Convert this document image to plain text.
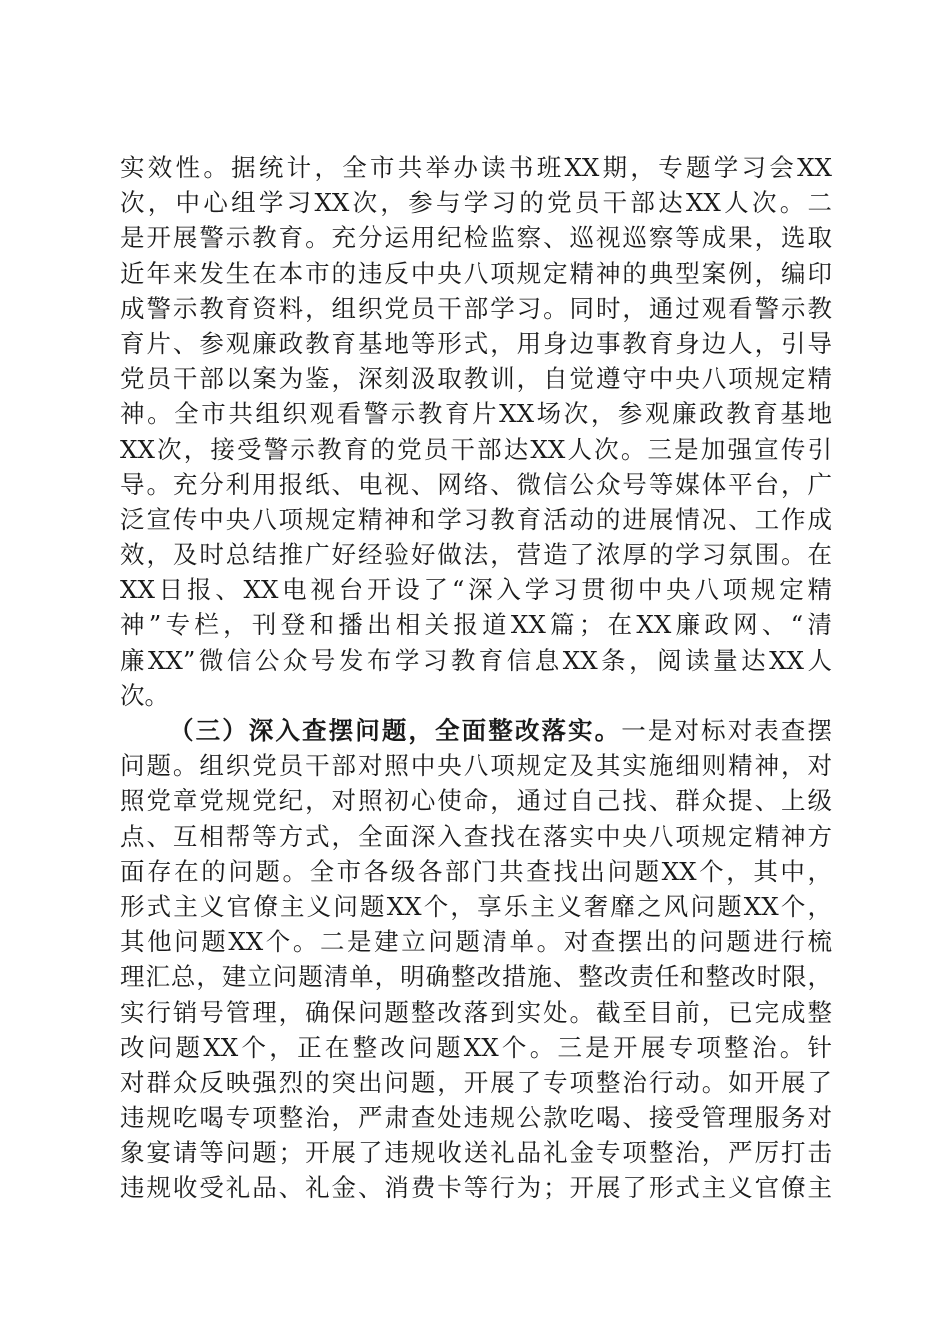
实效性。据统计，全市共举办读书班XX期，专题学习会XX
次，中心组学习XX次，参与学习的党员干部达XX人次。二
是开展警示教育。充分运用纪检监察、巡视巡察等成果，选取
近年来发生在本市的违反中央八项规定精神的典型案例，编印
成警示教育资料，组织党员干部学习。同时，通过观看警示教
育片、参观廉政教育基地等形式，用身边事教育身边人，引导
党员干部以案为鉴，深刻汲取教训，自觉遵守中央八项规定精
神。全市共组织观看警示教育片XX场次，参观廉政教育基地
XX次，接受警示教育的党员干部达XX人次。三是加强宣传引
导。充分利用报纸、电视、网络、微信公众号等媒体平台，广
泛宣传中央八项规定精神和学习教育活动的进展情况、工作成
效，及时总结推广好经验好做法，营造了浓厚的学习氛围。在
XX日报、XX电视台开设了“深入学习贯彻中央八项规定精
神”专栏，刊登和播出相关报道XX篇；在XX廉政网、“清
廉XX”微信公众号发布学习教育信息XX条，阅读量达XX人
次。
（三）深入查摆问题，全面整改落实。一是对标对表查摆
问题。组织党员干部对照中央八项规定及其实施细则精神，对
照党章党规党纪，对照初心使命，通过自己找、群众提、上级
点、互相帮等方式，全面深入查找在落实中央八项规定精神方
面存在的问题。全市各级各部门共查找出问题XX个，其中，
形式主义官僚主义问题XX个，享乐主义奢靡之风问题XX个，
其他问题XX个。二是建立问题清单。对查摆出的问题进行梳
理汇总，建立问题清单，明确整改措施、整改责任和整改时限，
实行销号管理，确保问题整改落到实处。截至目前，已完成整
改问题XX个，正在整改问题XX个。三是开展专项整治。针
对群众反映强烈的突出问题，开展了专项整治行动。如开展了
违规吃喝专项整治，严肃查处违规公款吃喝、接受管理服务对
象宴请等问题；开展了违规收送礼品礼金专项整治，严厉打击
违规收受礼品、礼金、消费卡等行为；开展了形式主义官僚主
